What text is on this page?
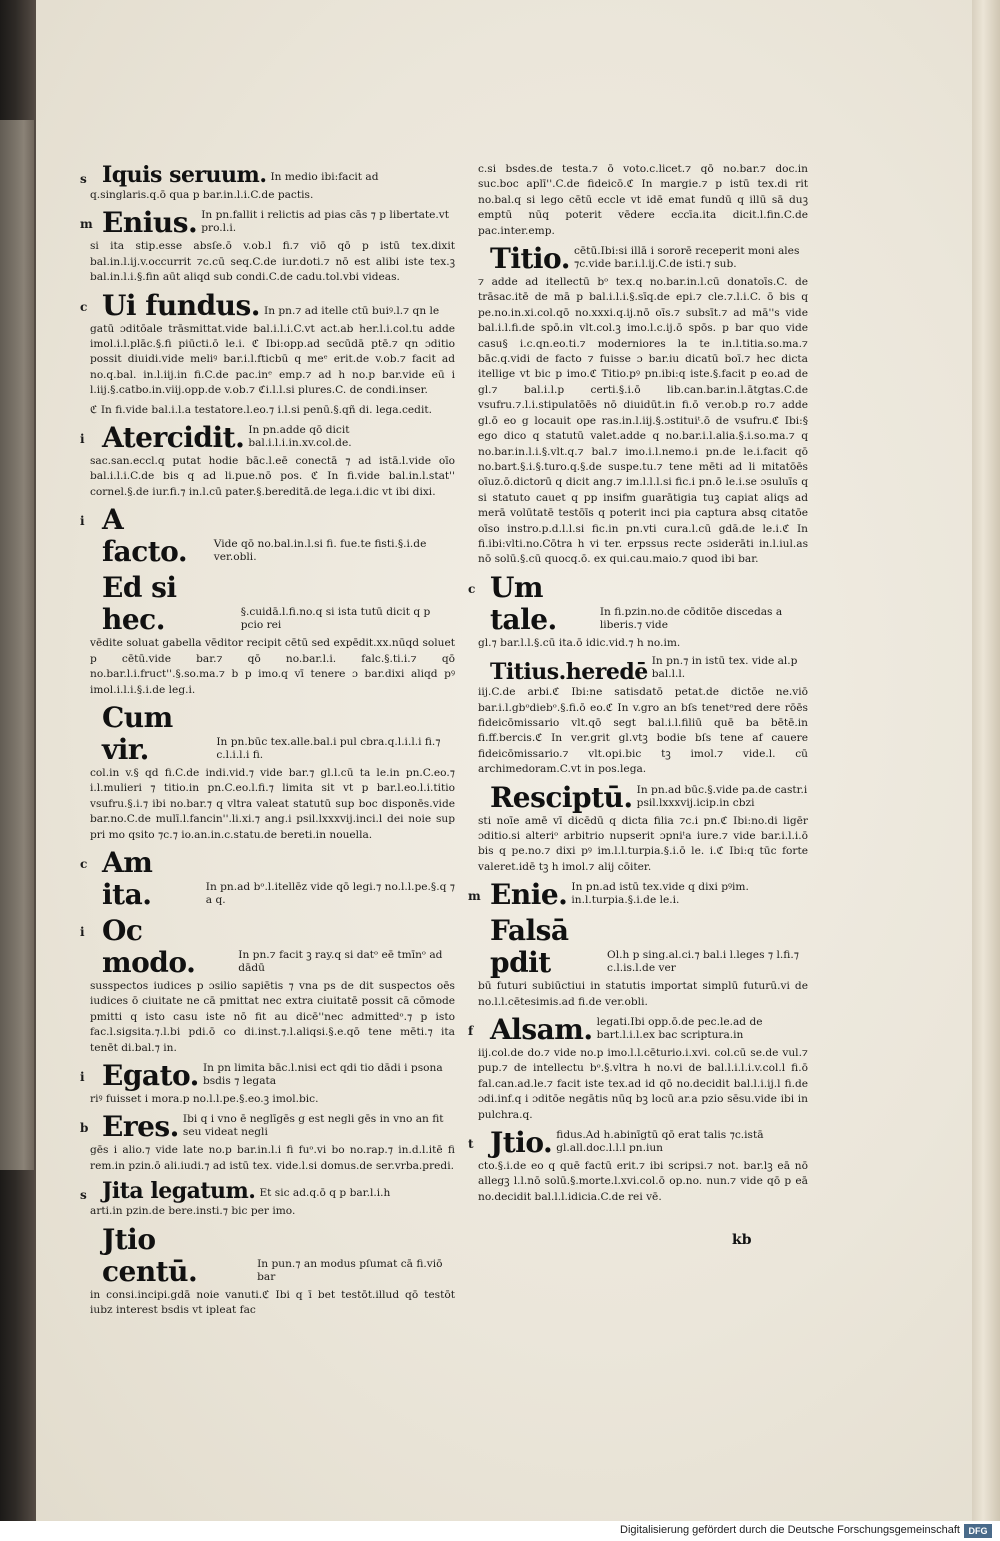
s Iquis seruum. In medio ibi:facit ad
q.singlaris.q.ō qua p bar.in.l.i.C.de pactis.
m Enius. In pn.fallit i relictis ad pias cās ⁊ p libertate.vt pro.l.i.
si ita stip.esse absſe.ō v.ob.l fi.⁊ viō qō p istū tex.dixit bal.in.l.ij.v.occurrit ⁊c.cū seq.C.de iur.doti.⁊ nō est alibi iste tex.ꝫ bal.in.l.i.§.fin aūt aliqd sub condi.C.de cadu.tol.vbi videas.
c Ui fundus. In pn.⁊ ad itelle ctū buiꝰ.l.⁊ qn le
gatū ɔditōale trāsmittat.vide bal.i.l.i.C.vt act.ab her.l.i.col.tu adde imol.i.l.plāc.§.fi piūcti.ō le.i. ℭ Ibi:opp.ad secūdā ptē.⁊ qn ɔditio possit diuidi.vide meliꝰ bar.i.l.fticbū q meᵉ erit.de v.ob.⁊ facit ad no.q.bal. in.l.iij.in fi.C.de pac.inᵉ emp.⁊ ad h no.p bar.vide eū i l.iij.§.catbo.in.viij.opp.de v.ob.⁊ ℭi.l.l.si plures.C. de condi.inser.
ℭ In fi.vide bal.i.l.a testatore.l.eo.⁊ i.l.si penū.§.qñ di. lega.cedit.
i Atercidit. In pn.adde qō dicit bal.i.l.i.in.xv.col.de.
sac.san.eccl.q putat hodie bāc.l.eē conectā ⁊ ad istā.l.vide oīo bal.i.l.i.C.de bis q ad li.pue.nō pos. ℭ In fi.vide bal.in.l.stat'' cornel.§.de iur.fi.⁊ in.l.cū pater.§.bereditā.de lega.i.dic vt ibi dixi.
i A facto.	Vide qō no.bal.in.l.si fi. fue.te fisti.§.i.de ver.obli.
Ed si hec.	§.cuidā.l.fi.no.q si ista tutū dicit q p pcio rei
vēdite soluat gabella vēditor recipit cētū sed expēdit.xx.nūqd soluet p cētū.vide bar.⁊ qō no.bar.l.i. falc.§.ti.i.⁊ qō no.bar.l.i.fruct''.§.so.ma.⁊ b p imo.q vī tenere ɔ bar.dixi aliqd pꝰ imol.i.l.i.§.i.de leg.i.
Cum vir.	In pn.būc tex.alle.bal.i pul cbra.q.l.i.l.i fi.⁊ c.l.i.l.i fi.
col.in v.§ qd fi.C.de indi.vid.⁊ vide bar.⁊ gl.l.cū ta le.in pn.C.eo.⁊ i.l.mulieri ⁊ titio.in pn.C.eo.l.fi.⁊ limita sit vt p bar.l.eo.l.i.titio vsufru.§.i.⁊ ibi no.bar.⁊ q vltra valeat statutū sup boc disponēs.vide bar.no.C.de mulī.l.fancin''.li.xi.⁊ ang.i psil.lxxxvij.inci.l dei noie sup pri mo qsito ⁊c.⁊ io.an.in.c.statu.de bereti.in nouella.
c Am ita.	In pn.ad bᵒ.l.itellēz vide qō legi.⁊ no.l.l.pe.§.q ⁊ a q.
i Oc modo.	In pn.⁊ facit ꝫ ray.q si datᵒ eē tmīnᵒ ad dādū
susspectos iudices p ɔsilio sapiētis ⁊ vna ps de dit suspectos oēs iudices ō ciuitate ne cā pmittat nec extra ciuitatē possit cā cōmode pmitti q isto casu iste nō fit au dicē''nec admittedᵒ.⁊ p isto fac.l.sigsita.⁊.l.bi pdi.ō co di.inst.⁊.l.aliqsi.§.e.qō tene mēti.⁊ ita tenēt di.bal.⁊ in.
i Egato. In pn limita bāc.l.nisi ect qdi tio dādi i psona bsdis ⁊ legata
riꝰ fuisset i mora.p no.l.l.pe.§.eo.ꝫ imol.bic.
b Eres. Ibi q i vno ē neglīgēs g est negli gēs in vno an fit seu videat negli
gēs i alio.⁊ vide late no.p bar.in.l.i fi fuᵒ.vi bo no.rap.⁊ in.d.l.itē fi rem.in pzin.ō ali.iudi.⁊ ad istū tex. vide.l.si domus.de ser.vrba.predi.
s Jita legatum. Et sic ad.q.ō q p bar.l.i.h
arti.in pzin.de bere.insti.⁊ bic per imo.
Jtio centū.	In pun.⁊ an modus pſumat cā fi.viō bar
in consi.incipi.gdā noie vanuti.ℭ Ibi q ī bet testōt.illud qō testōt iubz interest bsdis vt ipleat fac
c.si bsdes.de testa.⁊ ō voto.c.licet.⁊ qō no.bar.⁊ doc.in suc.boc aplī''.C.de fideicō.ℭ In margie.⁊ p istū tex.di rit no.bal.q si lego cētū eccle vt idē emat fundū q illū sā duꝫ emptū nūq poterit vēdere eccīa.ita dicit.l.fin.C.de pac.inter.emp.
Titio. cētū.Ibi:si illā i sororē receperit moni ales ⁊c.vide bar.i.l.ij.C.de isti.⁊ sub.
⁊ adde ad itellectū bᵒ tex.q no.bar.in.l.cū donatoīs.C. de trāsac.itē de mā p bal.i.l.i.§.sīq.de epi.⁊ cle.⁊.l.i.C. ō bis q pe.no.in.xi.col.qō no.xxxi.q.ij.nō oīs.⁊ subsīt.⁊ ad mā''s vide bal.i.l.fi.de spō.in vlt.col.ꝫ imo.l.c.ij.ō spōs. p bar quo vide casu§ i.c.qn.eo.ti.⁊ moderniores la te in.l.titia.so.ma.⁊ bāc.q.vidi de facto ⁊ fuisse ɔ bar.iu dicatū boī.⁊ hec dicta itellige vt bic p imo.ℭ Titio.pꝰ pn.ibi:q iste.§.facit p eo.ad de gl.⁊ bal.i.l.p certi.§.i.ō lib.can.bar.in.l.ātgtas.C.de vsufru.⁊.l.i.stipulatōēs nō diuidūt.in fi.ō ver.ob.p ro.⁊ adde gl.ō eo g locauit ope ras.in.l.iij.§.ɔstituiᵗ.ō de vsufru.ℭ Ibi:§ ego dico q statutū valet.adde q no.bar.i.l.alia.§.i.so.ma.⁊ q no.bar.in.l.i.§.vlt.q.⁊ bal.⁊ imo.i.l.nemo.i pn.de le.i.facit qō no.bart.§.i.§.turo.q.§.de suspe.tu.⁊ tene mēti ad li mitatōēs oīuz.ō.dictorū q dicit ang.⁊ im.l.l.l.si fic.i pn.ō le.i.se ɔsuluīs q si statuto cauet q pp insifm guarātigia tuꝫ capiat aliqs ad merā volūtatē testōīs q poterit inci pia captura absq citatōe oīso instro.p.d.l.l.si fic.in pn.vti cura.l.cū gdā.de le.i.ℭ In fi.ibi:vlti.no.Cōtra h vi ter. erpssus recte ɔsiderāti in.l.iul.as nō solū.§.cū quocq.ō. ex qui.cau.maio.⁊ quod ibi bar.
c Um tale.	In fi.pzin.no.de cōditōe discedas a liberis.⁊ vide
gl.⁊ bar.l.l.§.cū ita.ō idic.vid.⁊ h no.im.
Titius.heredē In pn.⁊ in istū tex. vide al.p bal.l.l.
iij.C.de arbi.ℭ Ibi:ne satisdatō petat.de dictōe ne.viō bar.i.l.gbᵒdiebᵒ.§.fi.ō eo.ℭ In v.gro an bſs tenetᵒred dere rōēs fideicōmissario vlt.qō segt bal.i.l.filiū quē ba bētē.in fi.ff.bercis.ℭ In ver.grit gl.vtꝫ bodie bſs tene af cauere fideicōmissario.⁊ vlt.opi.bic tꝫ imol.⁊ vide.l. cū archimedoram.C.vt in pos.lega.
Resciptū. In pn.ad būc.§.vide pa.de castr.i psil.lxxxvij.icip.in cbzi
sti noīe amē vī dicēdū q dicta filia ⁊c.i pn.ℭ Ibi:no.di ligēr ɔditio.si alteriᵒ arbitrio nupserit ɔpniᵗa iure.⁊ vide bar.i.l.i.ō bis q pe.no.⁊ dixi pꝰ im.l.l.turpia.§.i.ō le. i.ℭ Ibi:q tūc forte valeret.idē tꝫ h imol.⁊ alij cōiter.
m Enie. In pn.ad istū tex.vide q dixi pꝰim. in.l.turpia.§.i.de le.i.
Falsā pdit	Ol.h p sing.al.ci.⁊ bal.i l.leges ⁊ l.fi.⁊ c.l.is.l.de ver
bū futuri subiūctiui in statutis importat simplū futurū.vi de no.l.l.cētesimis.ad fi.de ver.obli.
f Alsam. legati.Ibi opp.ō.de pec.le.ad de bart.l.i.l.ex bac scriptura.in
iij.col.de do.⁊ vide no.p imo.l.l.cēturio.i.xvi. col.cū se.de vul.⁊ pup.⁊ de intellectu bᵒ.§.vltra h no.vi de bal.l.i.l.i.v.col.l fi.ō fal.can.ad.le.⁊ facit iste tex.ad id qō no.decidit bal.l.i.ij.l fi.de ɔdi.inf.q i ɔditōe negātis nūq bꝫ locū ar.a pzio sēsu.vide ibi in pulchra.q.
t Jtio. fidus.Ad h.abinīgtū qō erat talis ⁊c.istā gl.all.doc.l.l.l pn.iun
cto.§.i.de eo q quē factū erit.⁊ ibi scripsi.⁊ not. bar.lꝫ eā nō allegꝫ l.l.nō solū.§.morte.l.xvi.col.ō op.no. nun.⁊ vide qō p eā no.decidit bal.l.l.idicia.C.de rei vē.
kb
Digitalisierung gefördert durch die Deutsche Forschungsgemeinschaft DFG
